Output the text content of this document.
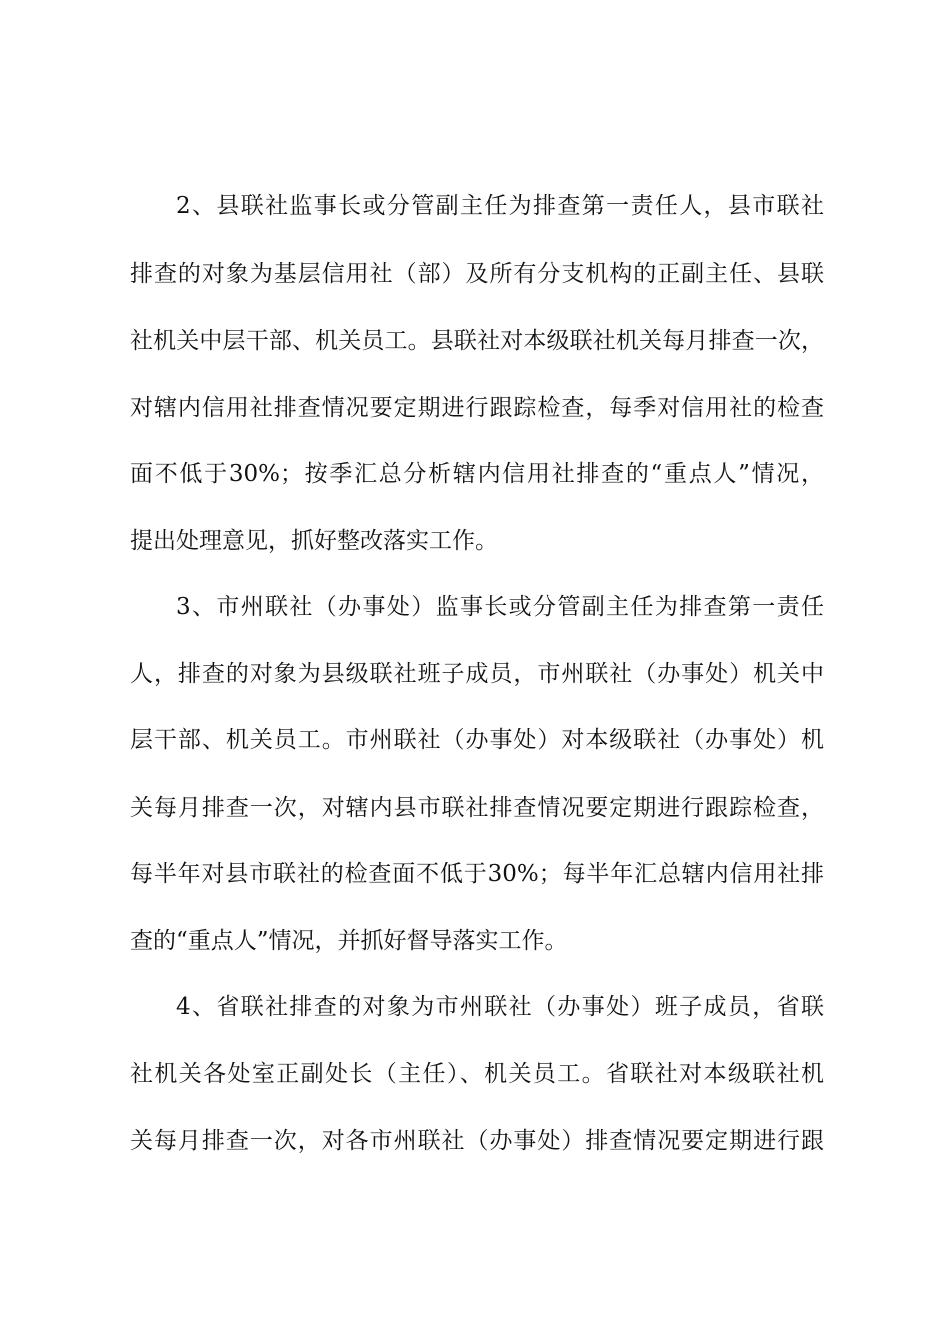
2、县联社监事长或分管副主任为排查第一责任人，县市联社
排查的对象为基层信用社（部）及所有分支机构的正副主任、县联
社机关中层干部、机关员工。县联社对本级联社机关每月排查一次，
对辖内信用社排查情况要定期进行跟踪检查，每季对信用社的检查
面不低于30%；按季汇总分析辖内信用社排查的“重点人”情况，
提出处理意见，抓好整改落实工作。
3、市州联社（办事处）监事长或分管副主任为排查第一责任
人，排查的对象为县级联社班子成员，市州联社（办事处）机关中
层干部、机关员工。市州联社（办事处）对本级联社（办事处）机
关每月排查一次，对辖内县市联社排查情况要定期进行跟踪检查，
每半年对县市联社的检查面不低于30%；每半年汇总辖内信用社排
查的“重点人”情况，并抓好督导落实工作。
4、省联社排查的对象为市州联社（办事处）班子成员，省联
社机关各处室正副处长（主任）、机关员工。省联社对本级联社机
关每月排查一次，对各市州联社（办事处）排查情况要定期进行跟
